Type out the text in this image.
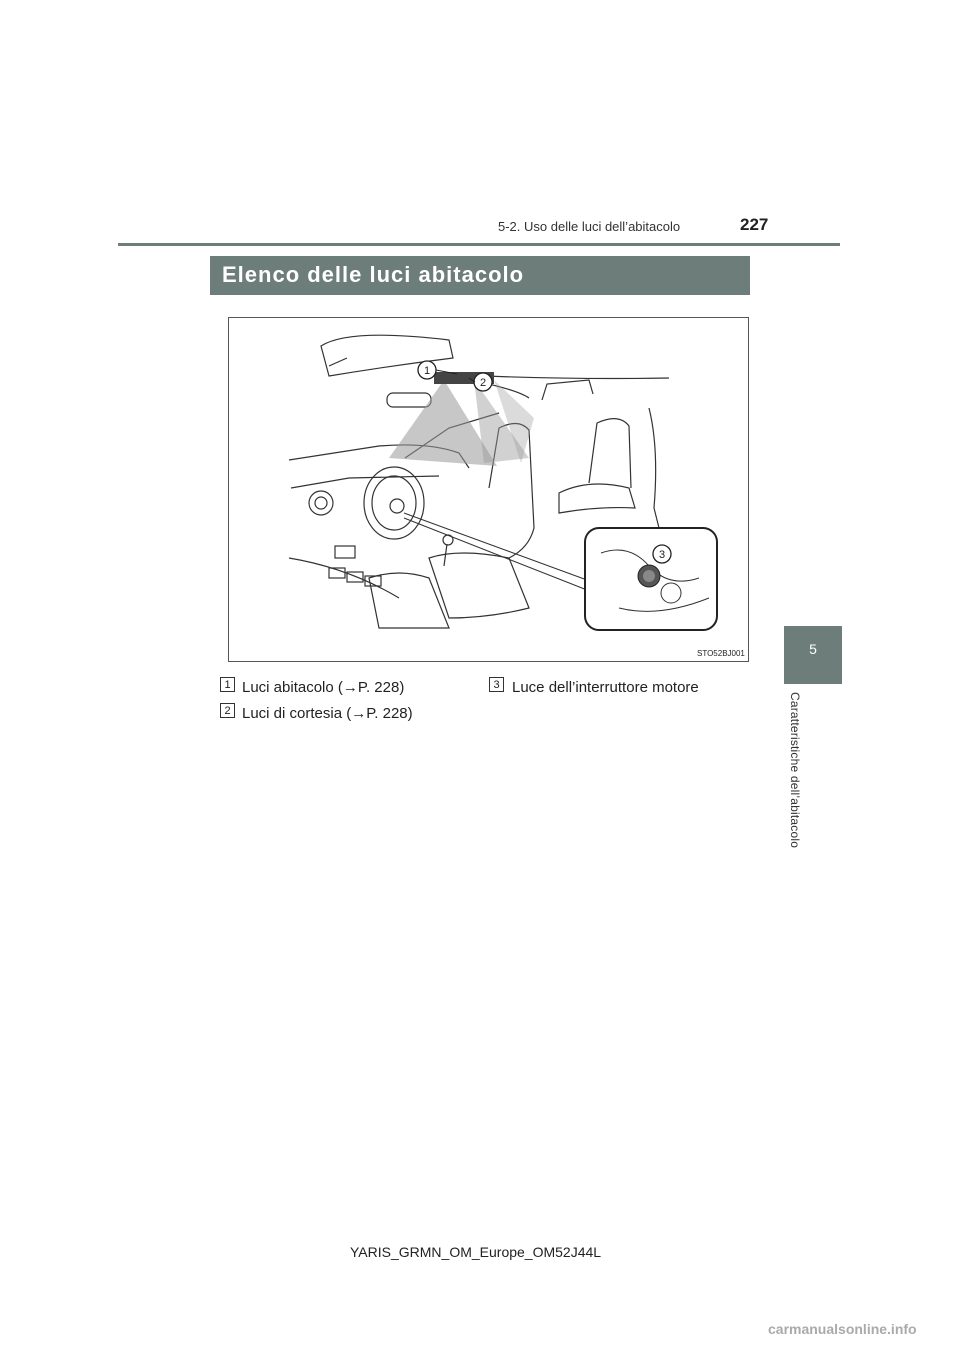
5-2. Uso delle luci dell’abitacolo	227
5
Caratteristiche dell’abitacolo
Elenco delle luci abitacolo
1
2
3
STO52BJ001
1 Luci abitacolo (→P. 228)
2 Luci di cortesia (→P. 228)
3 Luce dell’interruttore motore
YARIS_GRMN_OM_Europe_OM52J44L
carmanualsonline.info
